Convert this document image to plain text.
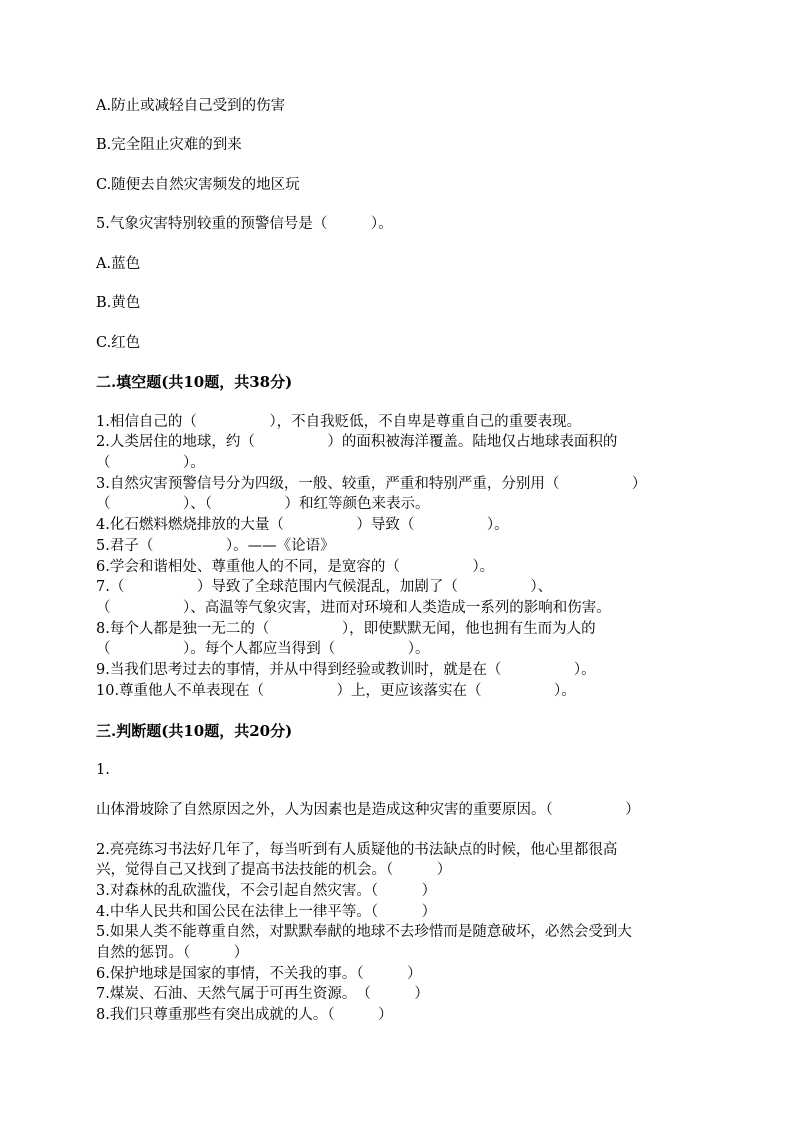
A.防止或减轻自己受到的伤害
B.完全阻止灾难的到来
C.随便去自然灾害频发的地区玩
5.气象灾害特别较重的预警信号是（　　　）。
A.蓝色
B.黄色
C.红色
二.填空题(共10题，共38分)
1.相信自己的（　　　　　），不自我贬低，不自卑是尊重自己的重要表现。
2.人类居住的地球，约（　　　　　）的面积被海洋覆盖。陆地仅占地球表面积的
（　　　　　）。
3.自然灾害预警信号分为四级，一般、较重，严重和特别严重，分别用（　　　　　）
（　　　　　）、（　　　　　）和红等颜色来表示。
4.化石燃料燃烧排放的大量（　　　　　）导致（　　　　　）。
5.君子（　　　　　）。——《论语》
6.学会和谐相处、尊重他人的不同，是宽容的（　　　　　）。
7.（　　　　　）导致了全球范围内气候混乱，加剧了（　　　　　）、
（　　　　　）、高温等气象灾害，进而对环境和人类造成一系列的影响和伤害。
8.每个人都是独一无二的（　　　　　），即使默默无闻，他也拥有生而为人的
（　　　　　）。每个人都应当得到（　　　　　）。
9.当我们思考过去的事情，并从中得到经验或教训时，就是在（　　　　　）。
10.尊重他人不单表现在（　　　　　）上，更应该落实在（　　　　　）。
三.判断题(共10题，共20分)
1.
山体滑坡除了自然原因之外，人为因素也是造成这种灾害的重要原因。（　　　　　）
2.亮亮练习书法好几年了，每当听到有人质疑他的书法缺点的时候，他心里都很高
兴，觉得自己又找到了提高书法技能的机会。（　　　）
3.对森林的乱砍滥伐，不会引起自然灾害。（　　　）
4.中华人民共和国公民在法律上一律平等。（　　　）
5.如果人类不能尊重自然，对默默奉献的地球不去珍惜而是随意破坏，必然会受到大
自然的惩罚。（　　　）
6.保护地球是国家的事情，不关我的事。（　　　）
7.煤炭、石油、天然气属于可再生资源。　（　　　）
8.我们只尊重那些有突出成就的人。（　　　）
